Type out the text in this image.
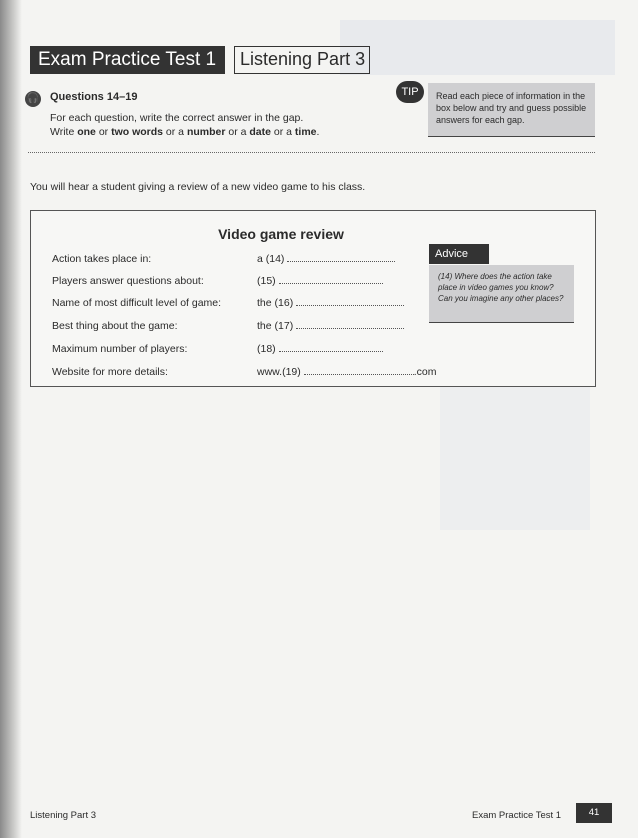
Exam Practice Test 1	Listening Part 3
🎧 Questions 14–19
For each question, write the correct answer in the gap.
Write one or two words or a number or a date or a time.
TIP	Read each piece of information in the box below and try and guess possible answers for each gap.
You will hear a student giving a review of a new video game to his class.
Video game review
Action takes place in:	a (14)
Players answer questions about:	(15)
Name of most difficult level of game:	the (16)
Best thing about the game:	the (17)
Maximum number of players:	(18)
Website for more details:	www.(19)	.com
Advice
(14) Where does the action take place in video games you know? Can you imagine any other places?
Listening Part 3	Exam Practice Test 1	41
